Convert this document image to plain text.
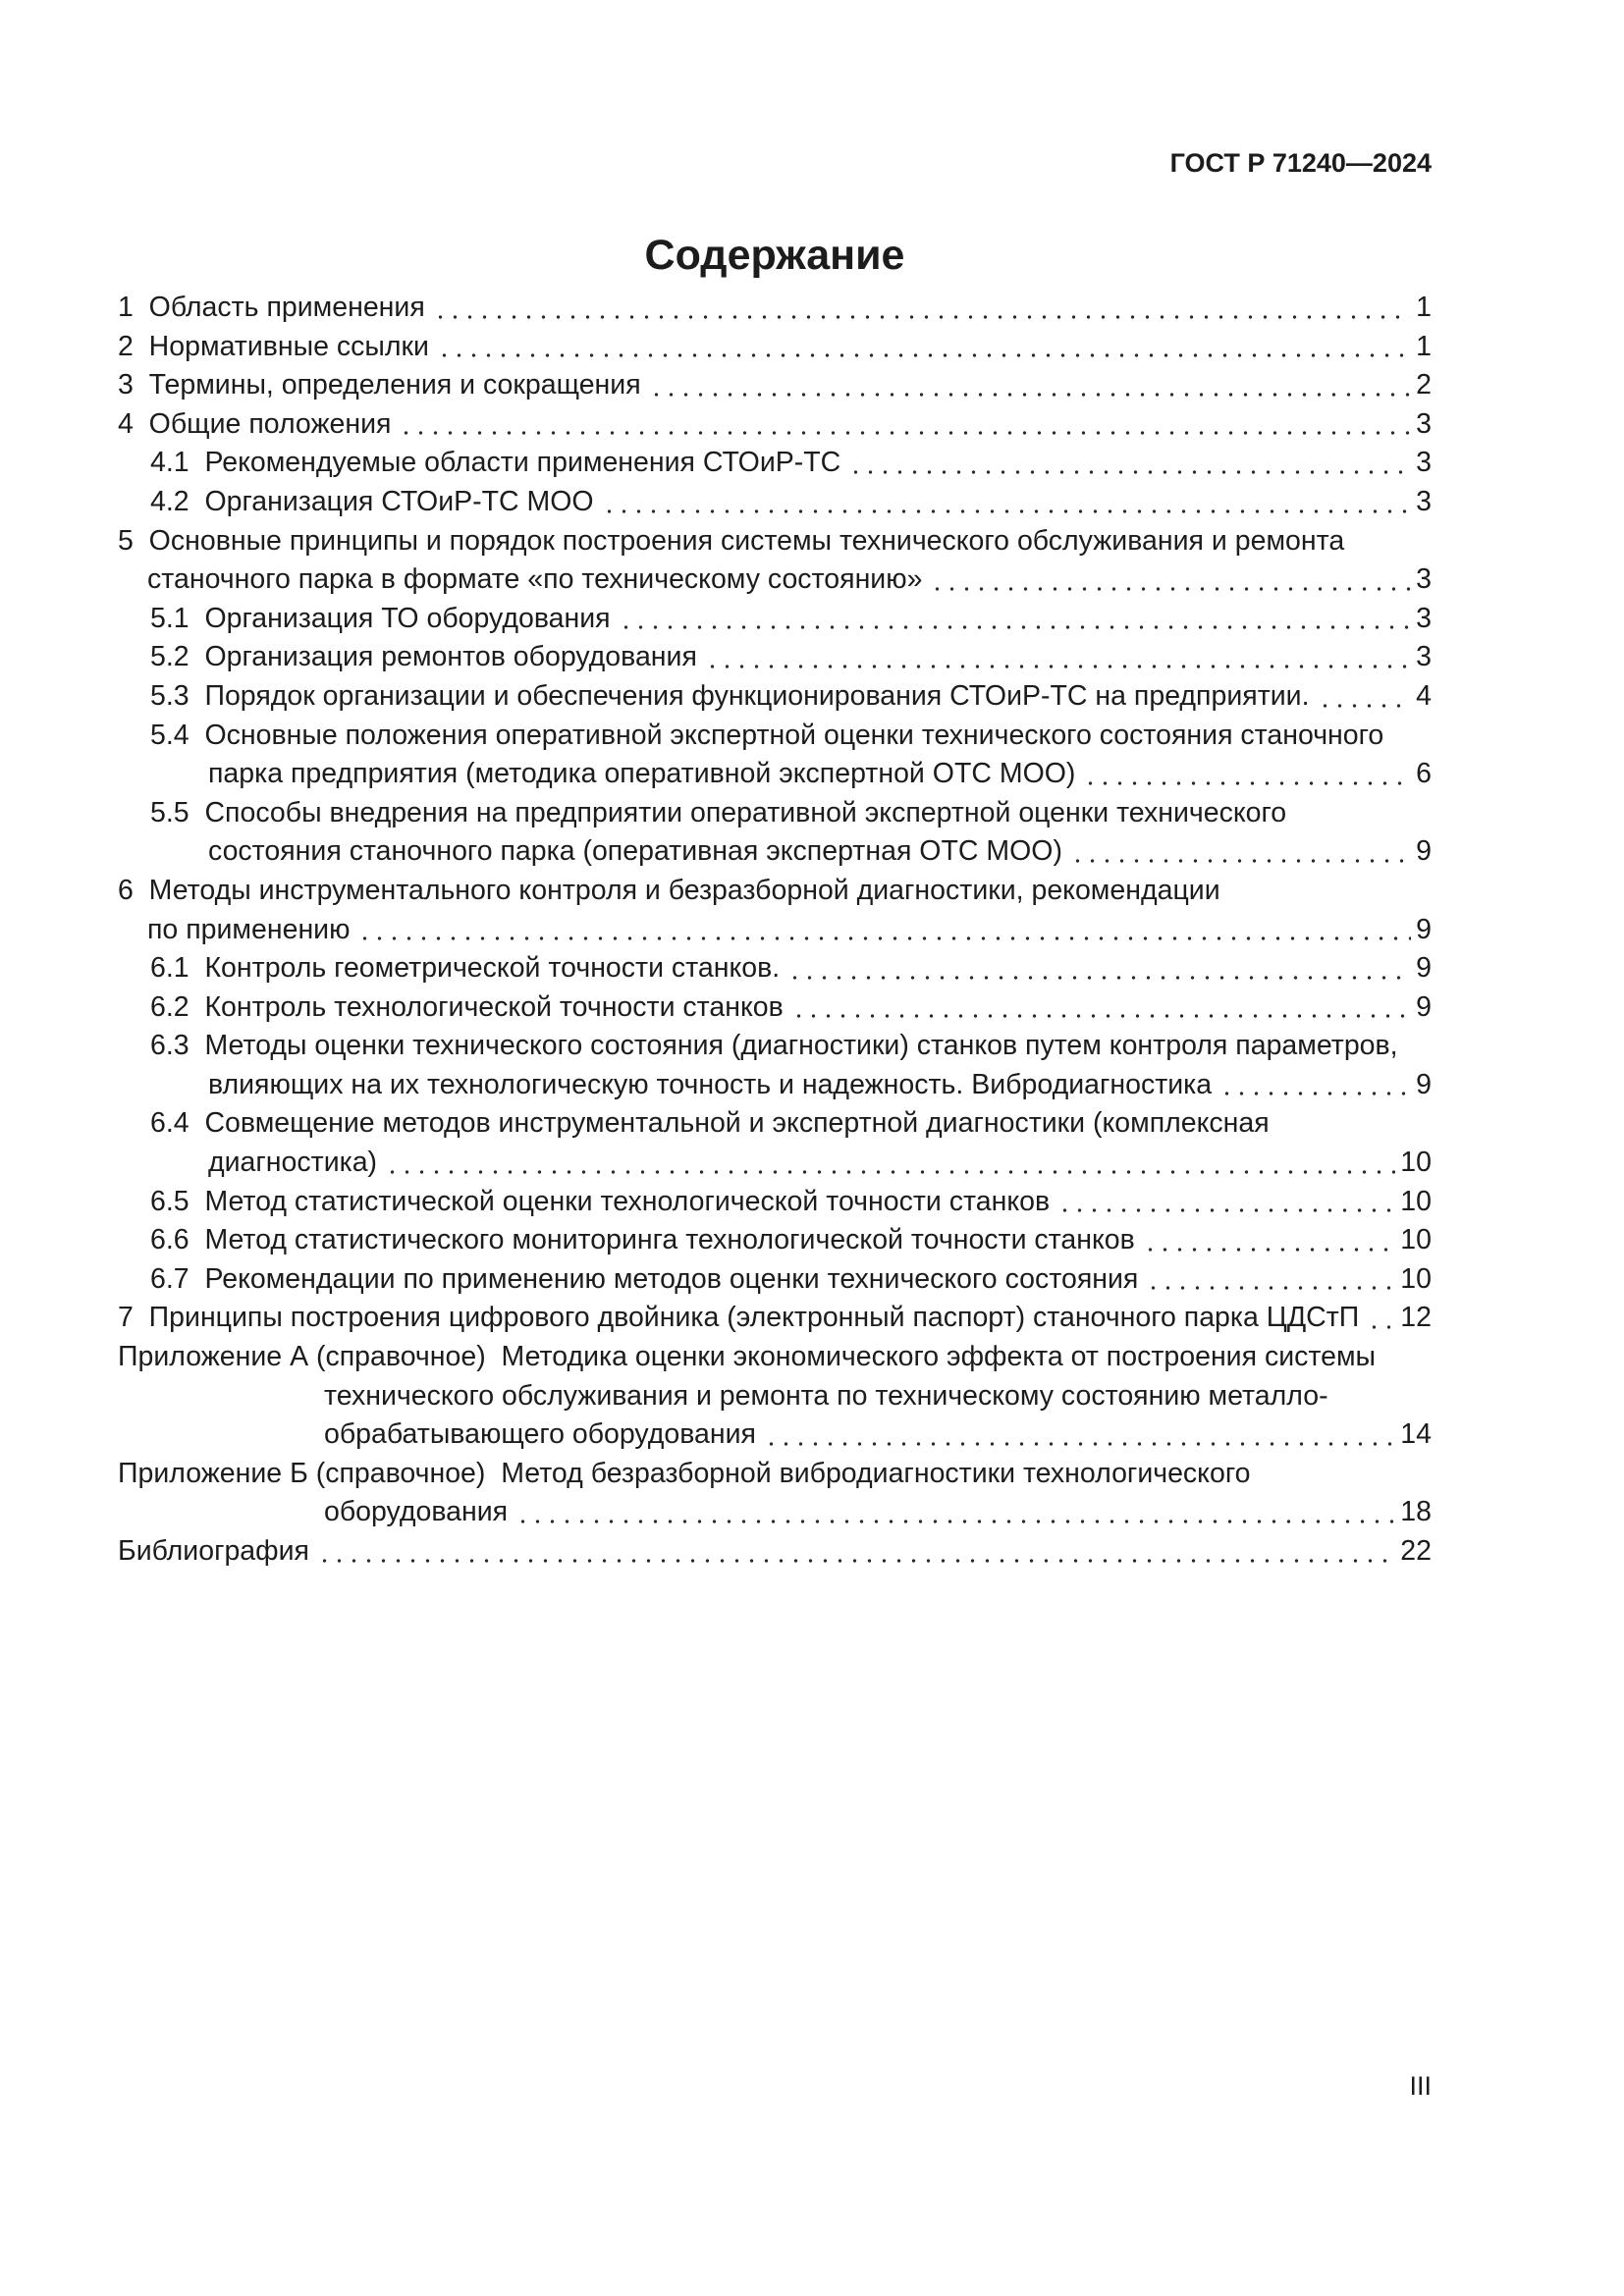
ГОСТ Р 71240—2024
Содержание
1  Область применения	1
2  Нормативные ссылки	1
3  Термины, определения и сокращения	2
4  Общие положения	3
4.1  Рекомендуемые области применения СТОиР-ТС	3
4.2  Организация СТОиР-ТС МОО	3
5  Основные принципы и порядок построения системы технического обслуживания и ремонта
станочного парка в формате «по техническому состоянию»	3
5.1  Организация ТО оборудования	3
5.2  Организация ремонтов оборудования	3
5.3  Порядок организации и обеспечения функционирования СТОиР-ТС на предприятии.	4
5.4  Основные положения оперативной экспертной оценки технического состояния станочного
парка предприятия (методика оперативной экспертной ОТС МОО)	6
5.5  Способы внедрения на предприятии оперативной экспертной оценки технического
состояния станочного парка (оперативная экспертная ОТС МОО)	9
6  Методы инструментального контроля и безразборной диагностики, рекомендации
по применению	9
6.1  Контроль геометрической точности станков.	9
6.2  Контроль технологической точности станков	9
6.3  Методы оценки технического состояния (диагностики) станков путем контроля параметров,
влияющих на их технологическую точность и надежность. Вибродиагностика	9
6.4  Совмещение методов инструментальной и экспертной диагностики (комплексная
диагностика)	10
6.5  Метод статистической оценки технологической точности станков	10
6.6  Метод статистического мониторинга технологической точности станков	10
6.7  Рекомендации по применению методов оценки технического состояния	10
7  Принципы построения цифрового двойника (электронный паспорт) станочного парка ЦДСтП 12
Приложение А (справочное)  Методика оценки экономического эффекта от построения системы
технического обслуживания и ремонта по техническому состоянию металло-
обрабатывающего оборудования	14
Приложение Б (справочное)  Метод безразборной вибродиагностики технологического
оборудования	18
Библиография	22
III
